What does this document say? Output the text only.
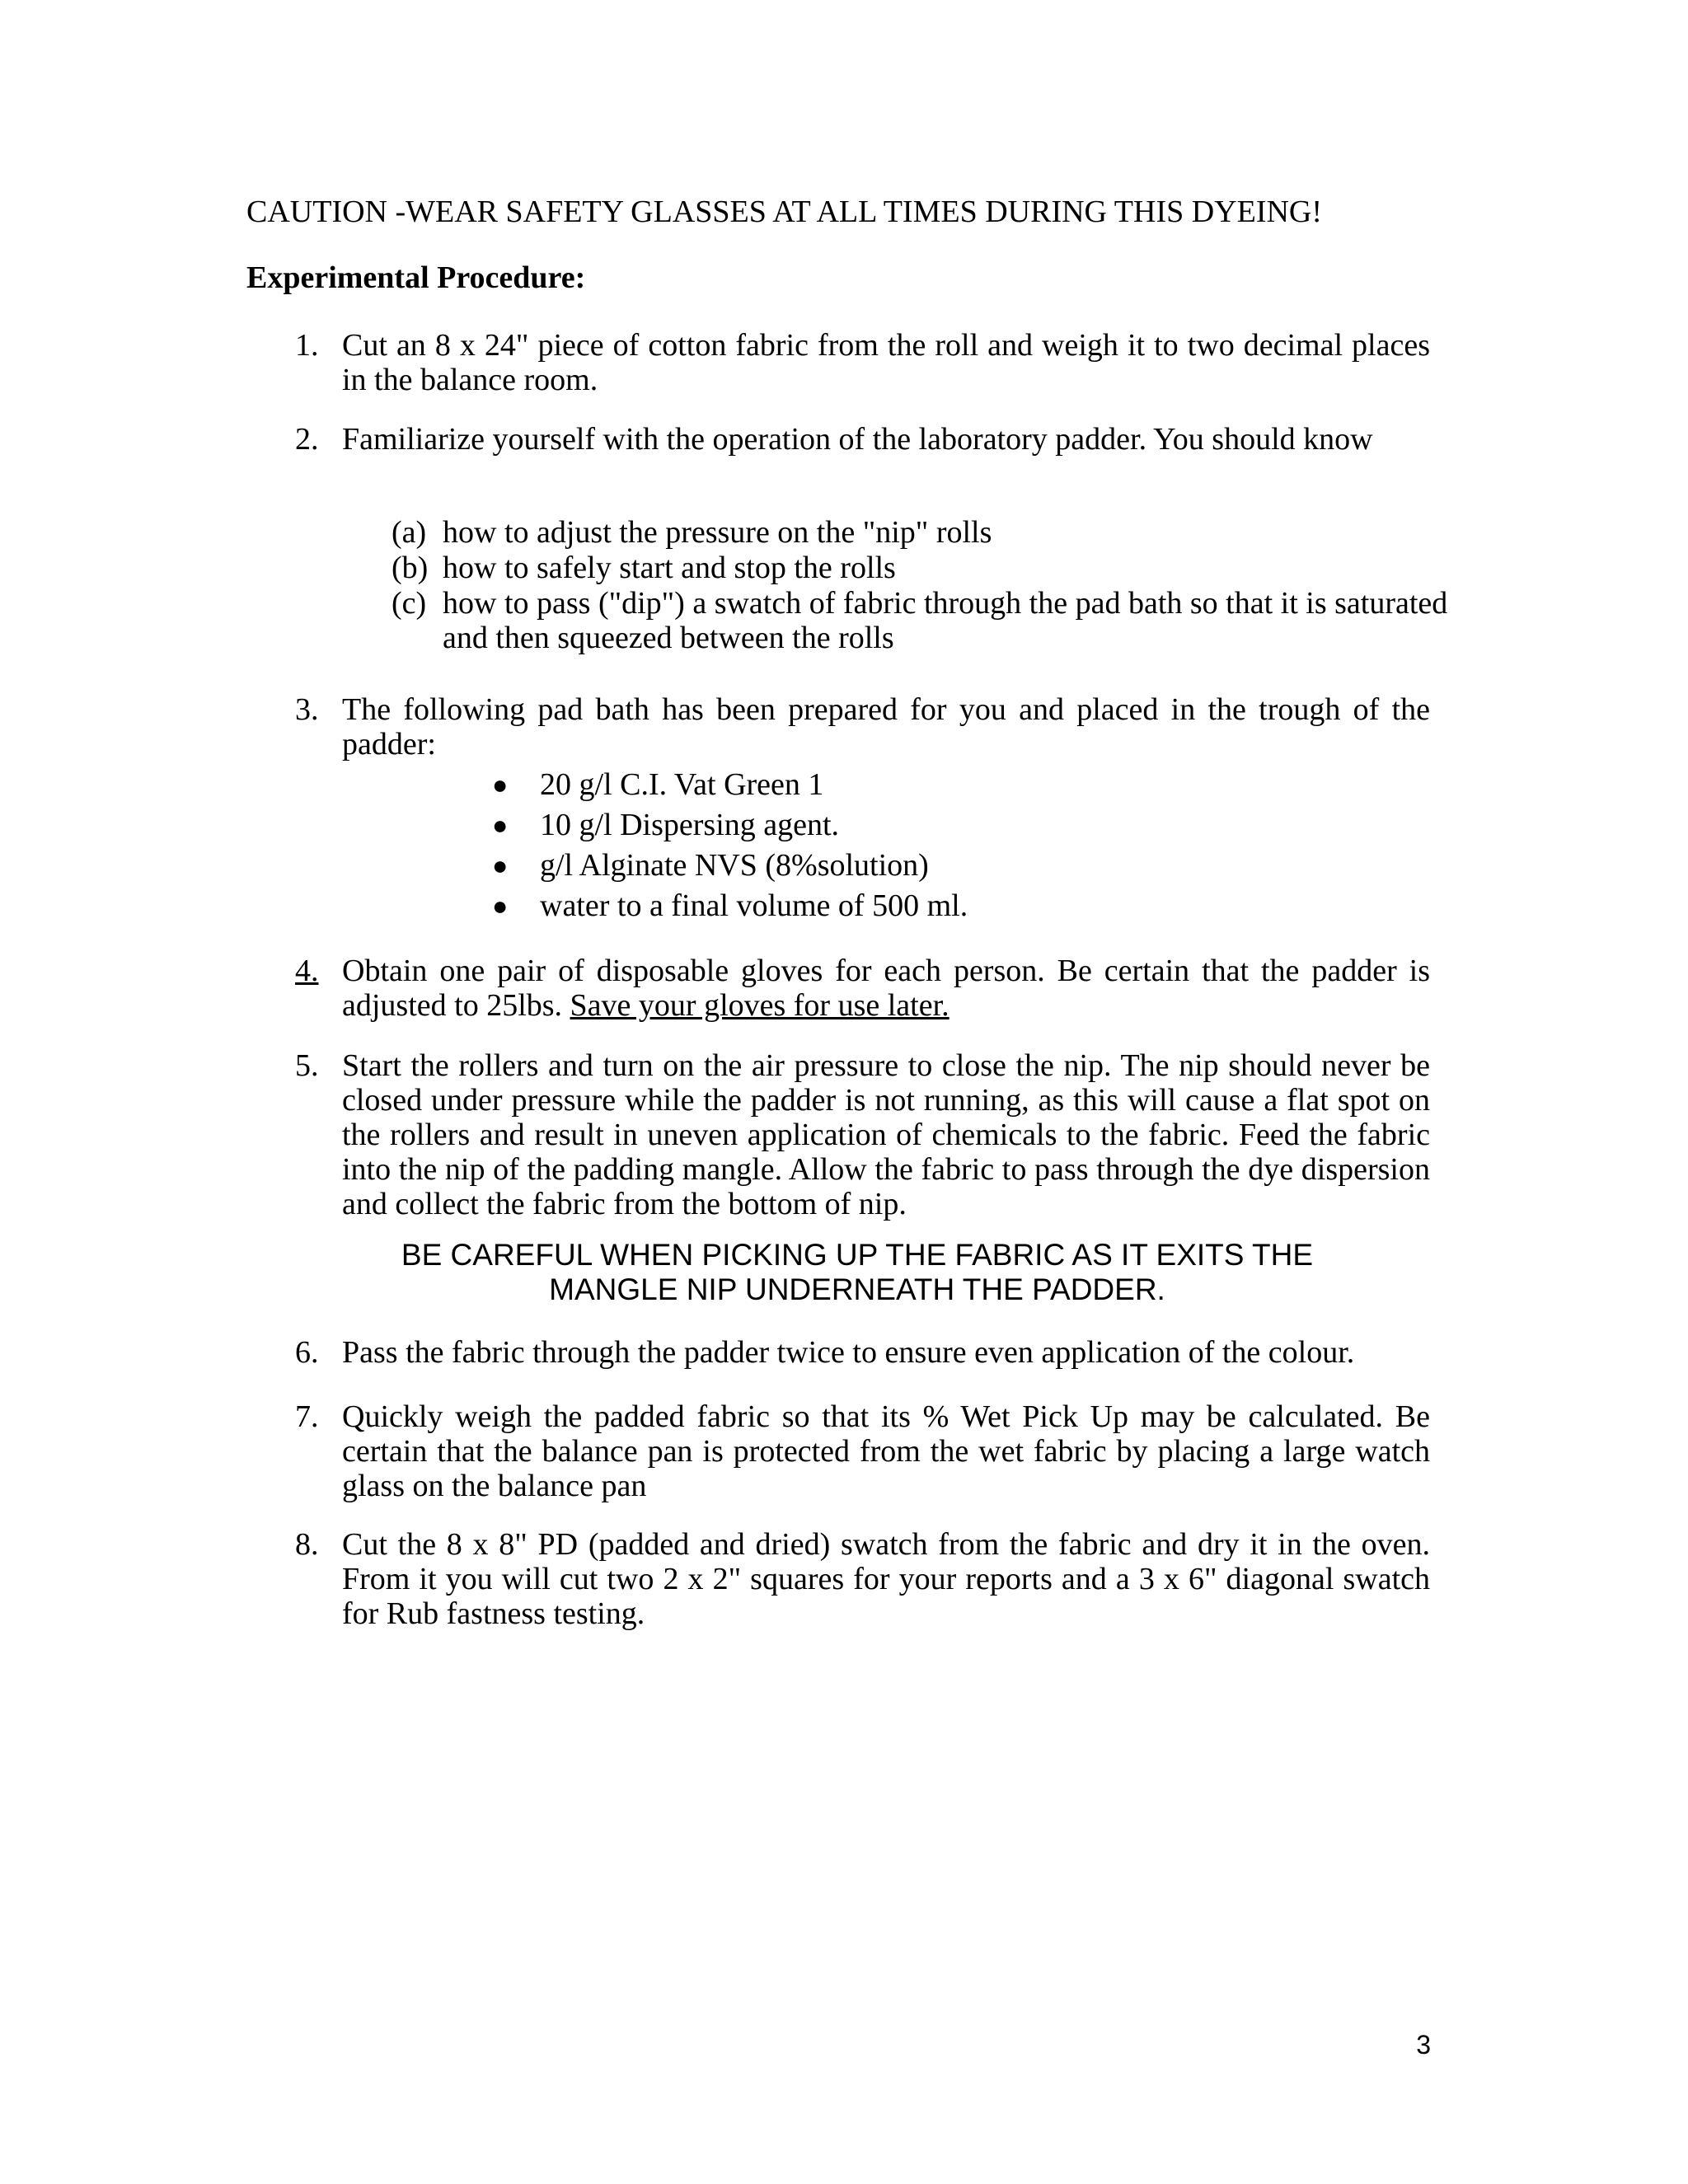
CAUTION -WEAR SAFETY GLASSES AT ALL TIMES DURING THIS DYEING!
Experimental Procedure:
1. Cut an 8 x 24" piece of cotton fabric from the roll and weigh it to two decimal places in the balance room.
2. Familiarize yourself with the operation of the laboratory padder. You should know
(a) how to adjust the pressure on the "nip" rolls
(b) how to safely start and stop the rolls
(c) how to pass ("dip") a swatch of fabric through the pad bath so that it is saturated and then squeezed between the rolls
3. The following pad bath has been prepared for you and placed in the trough of the padder:
● 20 g/l C.I. Vat Green 1
● 10 g/l Dispersing agent.
● g/l Alginate NVS (8%solution)
● water to a final volume of 500 ml.
4. Obtain one pair of disposable gloves for each person. Be certain that the padder is adjusted to 25lbs. Save your gloves for use later.
5. Start the rollers and turn on the air pressure to close the nip. The nip should never be closed under pressure while the padder is not running, as this will cause a flat spot on the rollers and result in uneven application of chemicals to the fabric. Feed the fabric into the nip of the padding mangle. Allow the fabric to pass through the dye dispersion and collect the fabric from the bottom of nip.
BE CAREFUL WHEN PICKING UP THE FABRIC AS IT EXITS THE
MANGLE NIP UNDERNEATH THE PADDER.
6. Pass the fabric through the padder twice to ensure even application of the colour.
7. Quickly weigh the padded fabric so that its % Wet Pick Up may be calculated. Be certain that the balance pan is protected from the wet fabric by placing a large watch glass on the balance pan
8. Cut the 8 x 8" PD (padded and dried) swatch from the fabric and dry it in the oven. From it you will cut two 2 x 2" squares for your reports and a 3 x 6" diagonal swatch for Rub fastness testing.
3
